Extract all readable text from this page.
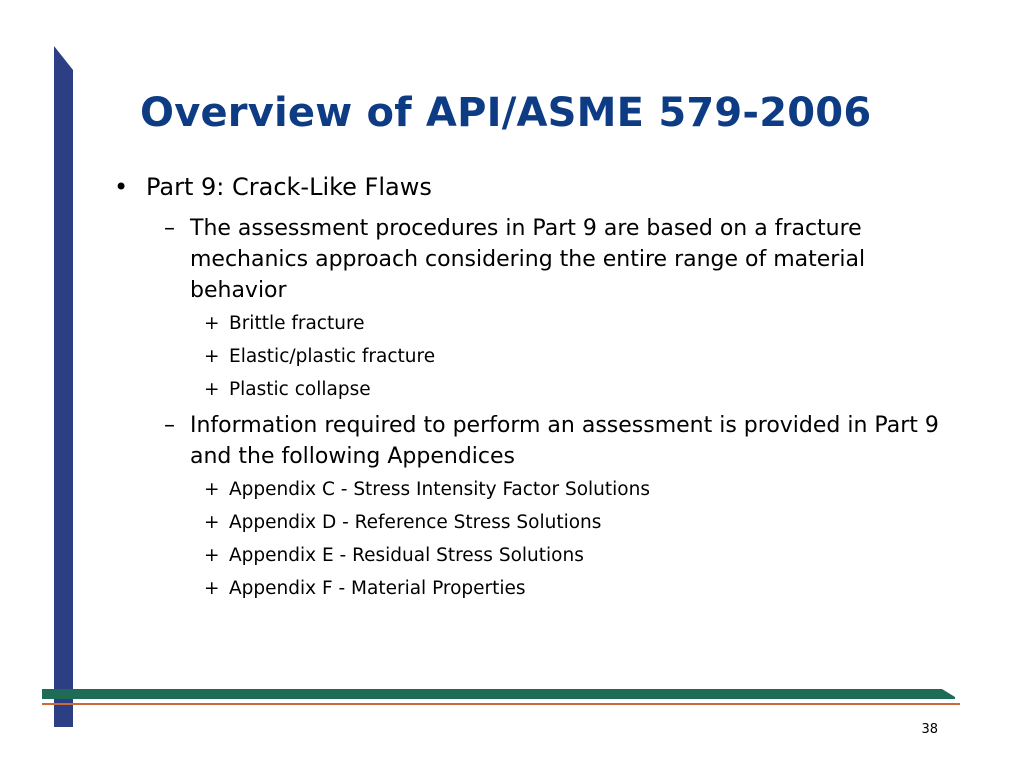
Overview of API/ASME 579-2006
• Part 9: Crack-Like Flaws
– The assessment procedures in Part 9 are based on a fracture mechanics approach considering the entire range of material behavior
+ Brittle fracture
+ Elastic/plastic fracture
+ Plastic collapse
– Information required to perform an assessment is provided in Part 9 and the following Appendices
+ Appendix C - Stress Intensity Factor Solutions
+ Appendix D - Reference Stress Solutions
+ Appendix E - Residual Stress Solutions
+ Appendix F - Material Properties
38
